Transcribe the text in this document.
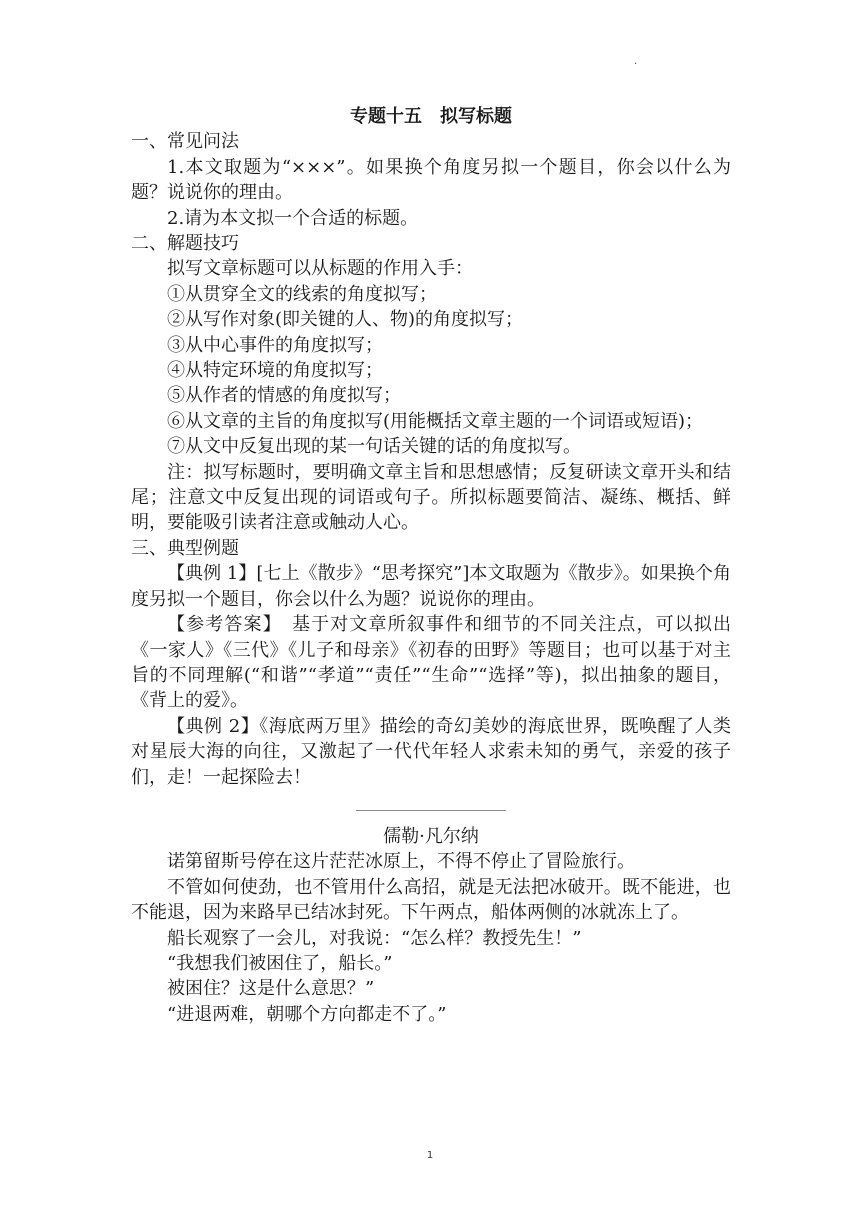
·
专题十五　拟写标题

一、常见问法

1.本文取题为“×××”。如果换个角度另拟一个题目，你会以什么为题？说说你的理由。

2.请为本文拟一个合适的标题。

二、解题技巧

拟写文章标题可以从标题的作用入手：

①从贯穿全文的线索的角度拟写；

②从写作对象(即关键的人、物)的角度拟写；

③从中心事件的角度拟写；

④从特定环境的角度拟写；

⑤从作者的情感的角度拟写；

⑥从文章的主旨的角度拟写(用能概括文章主题的一个词语或短语)；

⑦从文中反复出现的某一句话关键的话的角度拟写。

注：拟写标题时，要明确文章主旨和思想感情；反复研读文章开头和结尾；注意文中反复出现的词语或句子。所拟标题要简洁、凝练、概括、鲜明，要能吸引读者注意或触动人心。

三、典型例题

【典例 1】[七上《散步》“思考探究”]本文取题为《散步》。如果换个角度另拟一个题目，你会以什么为题？说说你的理由。

【参考答案】　基于对文章所叙事件和细节的不同关注点，可以拟出《一家人》《三代》《儿子和母亲》《初春的田野》等题目；也可以基于对主旨的不同理解(“和谐”“孝道”“责任”“生命”“选择”等)，拟出抽象的题目，《背上的爱》。

【典例 2】《海底两万里》描绘的奇幻美妙的海底世界，既唤醒了人类对星辰大海的向往，又激起了一代代年轻人求索未知的勇气，亲爱的孩子们，走！一起探险去！

儒勒·凡尔纳

诺第留斯号停在这片茫茫冰原上，不得不停止了冒险旅行。

不管如何使劲，也不管用什么高招，就是无法把冰破开。既不能进，也不能退，因为来路早已结冰封死。下午两点，船体两侧的冰就冻上了。

船长观察了一会儿，对我说：“怎么样？教授先生！”

“我想我们被困住了，船长。”

被困住？这是什么意思？”

“进退两难，朝哪个方向都走不了。”

1
